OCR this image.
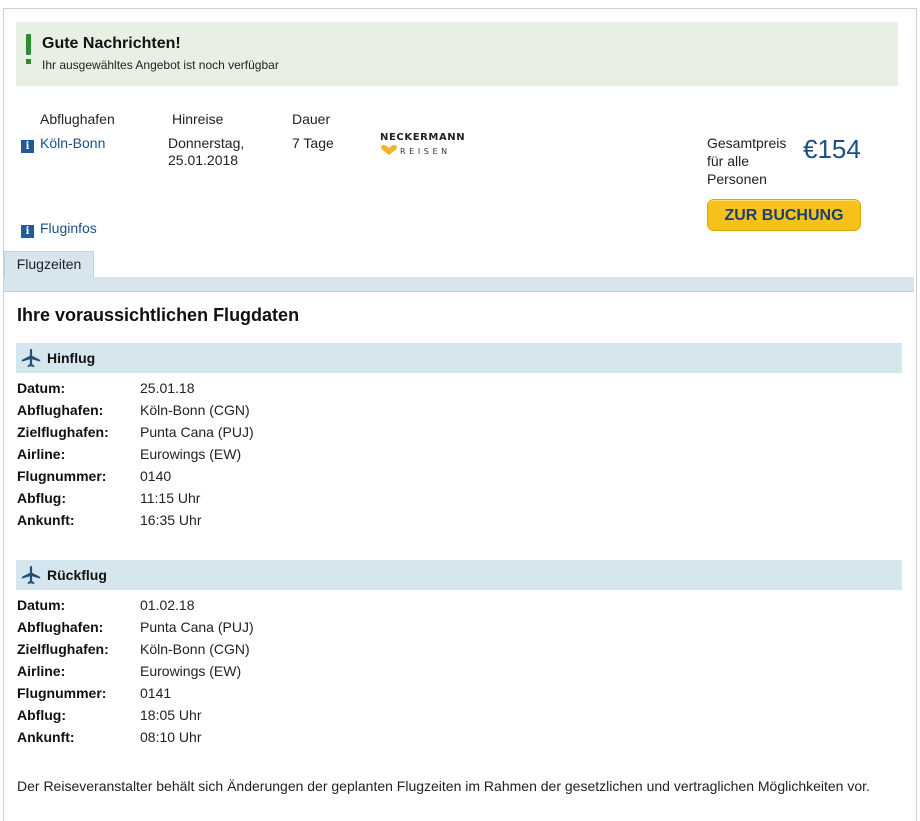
Gute Nachrichten!
Ihr ausgewähltes Angebot ist noch verfügbar
Abflughafen	Hinreise	Dauer
i Köln-Bonn	Donnerstag,
25.01.2018
7 Tage	NECKERMANN
REISEN
Gesamtpreis
für alle
Personen
€154
ZUR BUCHUNG
i Fluginfos
Flugzeiten
Ihre voraussichtlichen Flugdaten
Hinflug
Datum:	25.01.18
Abflughafen:	Köln-Bonn (CGN)
Zielflughafen: Punta Cana (PUJ)
Airline:	Eurowings (EW)
Flugnummer: 0140
Abflug:	11:15 Uhr
Ankunft:	16:35 Uhr
Rückflug
Datum:	01.02.18
Abflughafen:	Punta Cana (PUJ)
Zielflughafen: Köln-Bonn (CGN)
Airline:	Eurowings (EW)
Flugnummer: 0141
Abflug:	18:05 Uhr
Ankunft:	08:10 Uhr
Der Reiseveranstalter behält sich Änderungen der geplanten Flugzeiten im Rahmen der gesetzlichen und vertraglichen Möglichkeiten vor.
